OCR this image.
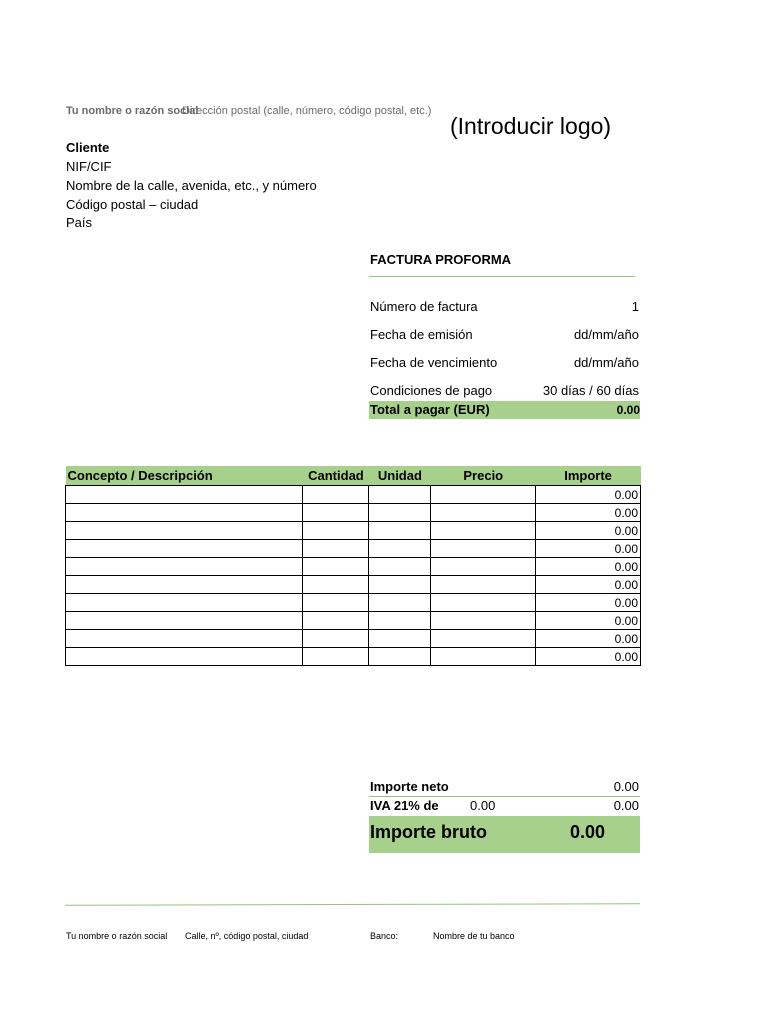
Tu nombre o razón social
Dirección postal (calle, número, código postal, etc.)
(Introducir logo)
Cliente
NIF/CIF
Nombre de la calle, avenida, etc., y número
Código postal – ciudad
País
FACTURA PROFORMA
Número de factura	1
Fecha de emisión	dd/mm/año
Fecha de vencimiento	dd/mm/año
Condiciones de pago	30 días / 60 días
Total a pagar (EUR)	0.00
Concepto / Descripción	Cantidad	Unidad	Precio	Importe
				0.00
				0.00
				0.00
				0.00
				0.00
				0.00
				0.00
				0.00
				0.00
				0.00
Importe neto	0.00
IVA 21% de 0.00	0.00
Importe bruto	0.00
Tu nombre o razón social Calle, nº, código postal, ciudad	Banco:	Nombre de tu banco
